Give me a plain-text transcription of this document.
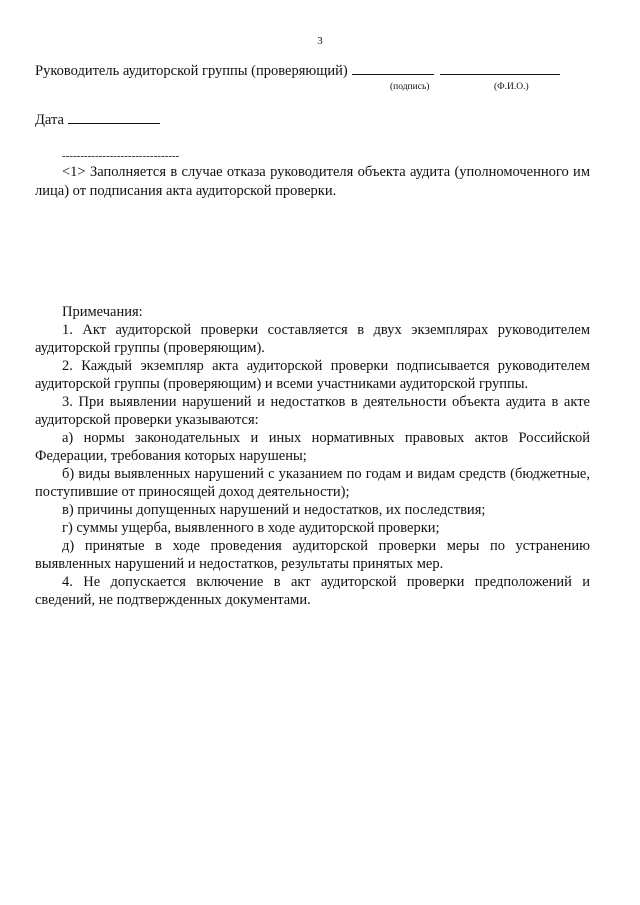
3
Руководитель аудиторской группы (проверяющий)
(подпись)	(Ф.И.О.)
Дата
--------------------------------
<1> Заполняется в случае отказа руководителя объекта аудита (уполномоченного им лица) от подписания акта аудиторской проверки.

Примечания:

1. Акт аудиторской проверки составляется в двух экземплярах руководителем аудиторской группы (проверяющим).

2. Каждый экземпляр акта аудиторской проверки подписывается руководителем аудиторской группы (проверяющим) и всеми участниками аудиторской группы.

3. При выявлении нарушений и недостатков в деятельности объекта аудита в акте аудиторской проверки указываются:

а) нормы законодательных и иных нормативных правовых актов Российской Федерации, требования которых нарушены;

б) виды выявленных нарушений с указанием по годам и видам средств (бюджетные, поступившие от приносящей доход деятельности);

в) причины допущенных нарушений и недостатков, их последствия;

г) суммы ущерба, выявленного в ходе аудиторской проверки;

д) принятые в ходе проведения аудиторской проверки меры по устранению выявленных нарушений и недостатков, результаты принятых мер.

4. Не допускается включение в акт аудиторской проверки предположений и сведений, не подтвержденных документами.
